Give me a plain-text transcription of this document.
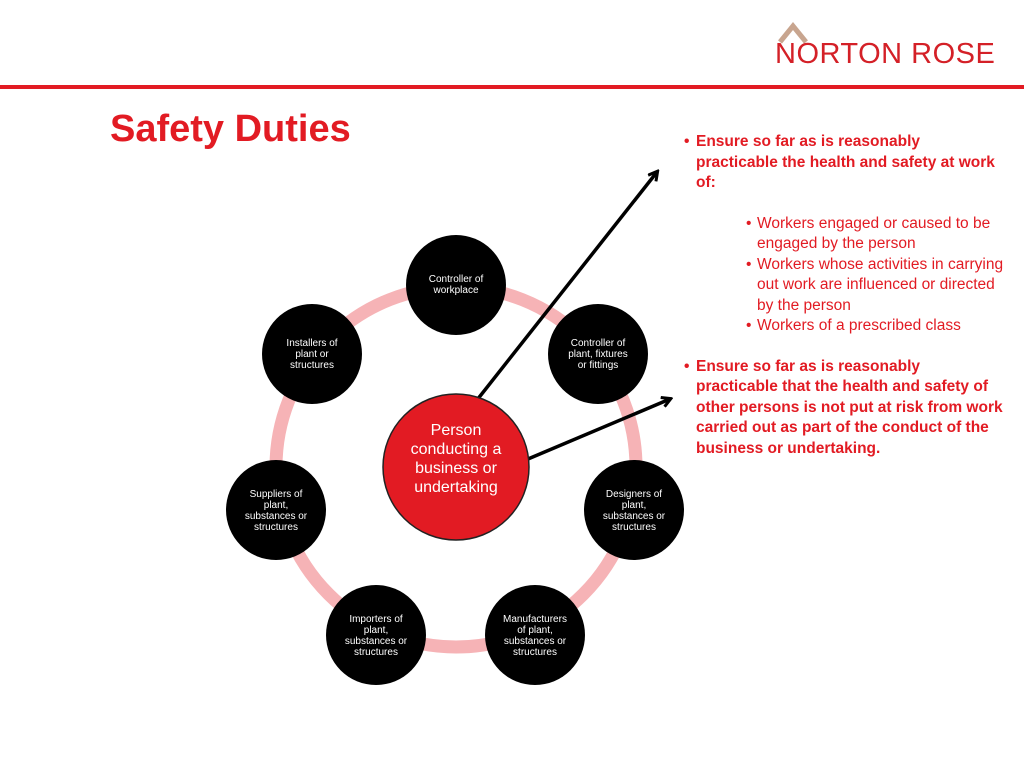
NORTON ROSE
Safety Duties
Controller of workplace
Controller of plant, fixtures or fittings
Designers of plant, substances or structures
Manufacturers of plant, substances or structures
Importers of plant, substances or structures
Suppliers of plant, substances or structures
Installers of plant or structures
Person conducting a business or undertaking
• Ensure so far as is reasonably practicable the health and safety at work of:
• Workers engaged or caused to be engaged by the person
• Workers whose activities in carrying out work are influenced or directed by the person
• Workers of a prescribed class
• Ensure so far as is reasonably practicable that the health and safety of other persons is not put at risk from work carried out as part of the conduct of the business or undertaking.
